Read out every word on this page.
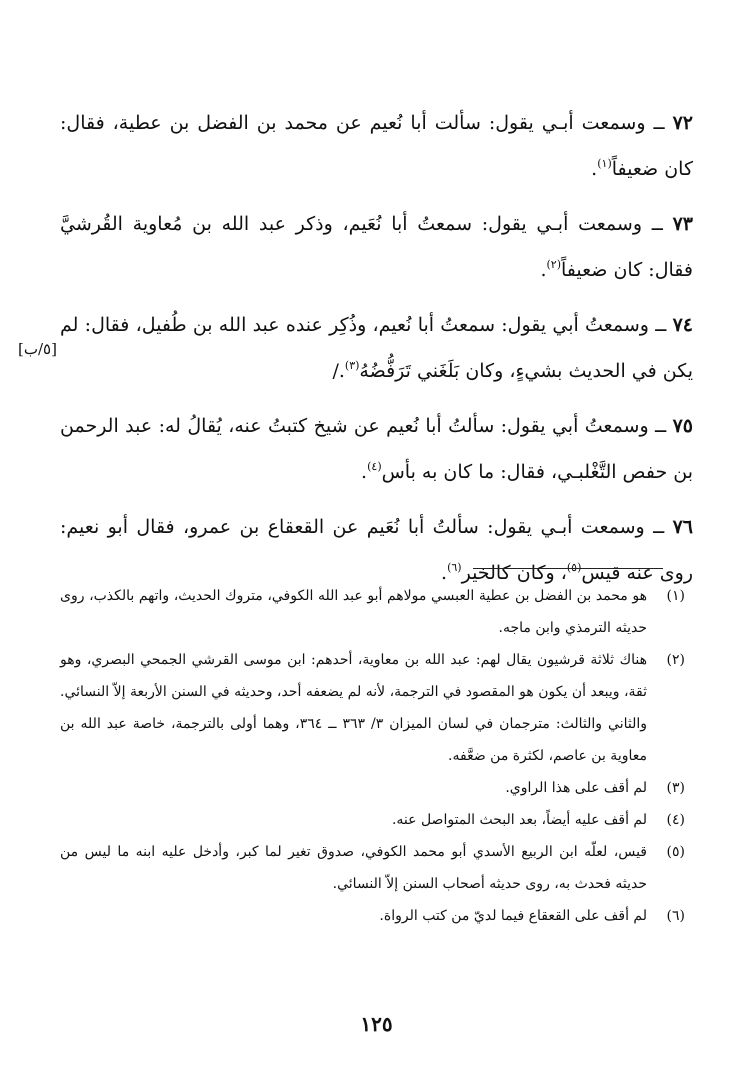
٧٢ ــ وسمعت أبـي يقول: سألت أبا نُعيم عن محمد بن الفضل بن عطية، فقال: كان ضعيفاً$^{(١)}$.

٧٣ ــ وسمعت أبـي يقول: سمعتُ أبا نُعَيم، وذكر عبد الله بن مُعاوية القُرشيَّ فقال: كان ضعيفاً$^{(٢)}$.

٧٤ ــ وسمعتُ أبي يقول: سمعتُ أبا نُعيم، وذُكِر عنده عبد الله بن طُفيل، فقال: لم يكن في الحديث بشيءٍ، وكان بَلَغَني تَرَفُّضُهُ$^{(٣)}$./

٧٥ ــ وسمعتُ أبي يقول: سألتُ أبا نُعيم عن شيخ كتبتُ عنه، يُقالُ له: عبد الرحمن بن حفص التَّغْلبـي، فقال: ما كان به بأس$^{(٤)}$.

٧٦ ــ وسمعت أبـي يقول: سألتُ أبا نُعَيم عن القعقاع بن عمرو، فقال أبو نعيم: روى عنه قيس$^{(٥)}$، وكان كالخير$^{(٦)}$.

[٥/ب]
(١)
هو محمد بن الفضل بن عطية العبسي مولاهم أبو عبد الله الكوفي، متروك الحديث، واتهم بالكذب، روى حديثه الترمذي وابن ماجه.
(٢)
هناك ثلاثة قرشيون يقال لهم: عبد الله بن معاوية، أحدهم: ابن موسى القرشي الجمحي البصري، وهو ثقة، ويبعد أن يكون هو المقصود في الترجمة، لأنه لم يضعفه أحد، وحديثه في السنن الأربعة إلاّ النسائي. والثاني والثالث: مترجمان في لسان الميزان ٣/ ٣٦٣ ــ ٣٦٤، وهما أولى بالترجمة، خاصة عبد الله بن معاوية بن عاصم، لكثرة من ضعَّفه.
(٣)
لم أقف على هذا الراوي.
(٤)
لم أقف عليه أيضاً، بعد البحث المتواصل عنه.
(٥)
قيس، لعلّه ابن الربيع الأسدي أبو محمد الكوفي، صدوق تغير لما كبر، وأدخل عليه ابنه ما ليس من حديثه فحدث به، روى حديثه أصحاب السنن إلاّ النسائي.
(٦)
لم أقف على القعقاع فيما لديّ من كتب الرواة.
١٢٥
